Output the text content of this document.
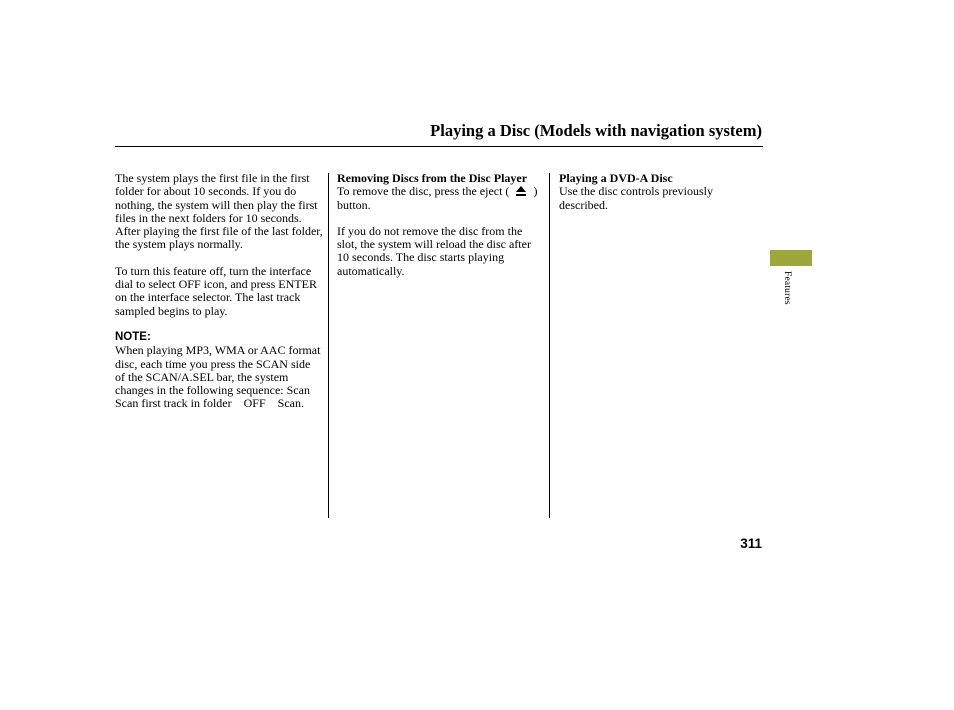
Playing a Disc (Models with navigation system)

The system plays the first file in the first folder for about 10 seconds. If you do nothing, the system will then play the first files in the next folders for 10 seconds. After playing the first file of the last folder, the system plays normally.

To turn this feature off, turn the interface dial to select OFF icon, and press ENTER on the interface selector. The last track sampled begins to play.

NOTE:
When playing MP3, WMA or AAC format disc, each time you press the SCAN side of the SCAN/A.SEL bar, the system changes in the following sequence: ScanScan first track in folder OFF Scan.
Removing Discs from the Disc Player

To remove the disc, press the eject ( ) button.

If you do not remove the disc from the slot, the system will reload the disc after 10 seconds. The disc starts playing automatically.

Playing a DVD-A Disc

Use the disc controls previously described.

Features
311
